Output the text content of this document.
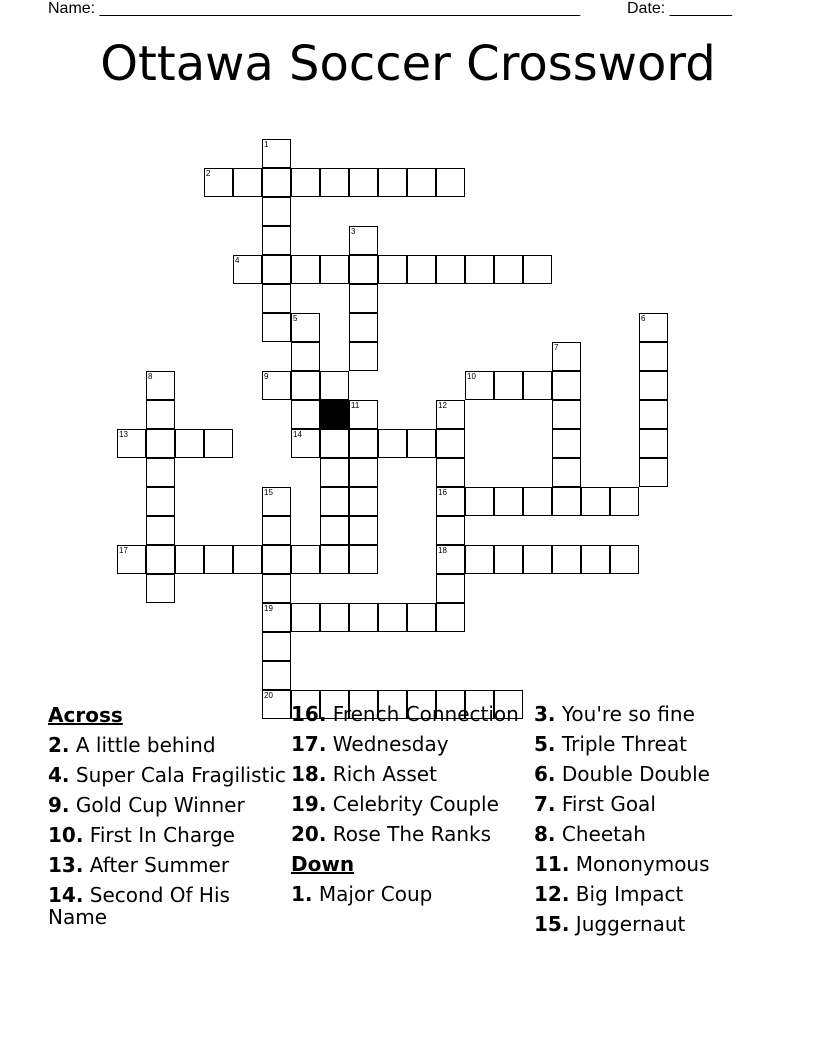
Name: ______________________________________________________	Date: _______
Ottawa Soccer Crossword
1
2
3
4
5	6
7
8	9	10
11	12
13	14
15	16
17	18
19
20
Across
2. A little behind
4. Super Cala Fragilistic
9. Gold Cup Winner
10. First In Charge
13. After Summer
14. Second Of His Name
16. French Connection
17. Wednesday
18. Rich Asset
19. Celebrity Couple
20. Rose The Ranks
Down
1. Major Coup
3. You're so fine
5. Triple Threat
6. Double Double
7. First Goal
8. Cheetah
11. Mononymous
12. Big Impact
15. Juggernaut
